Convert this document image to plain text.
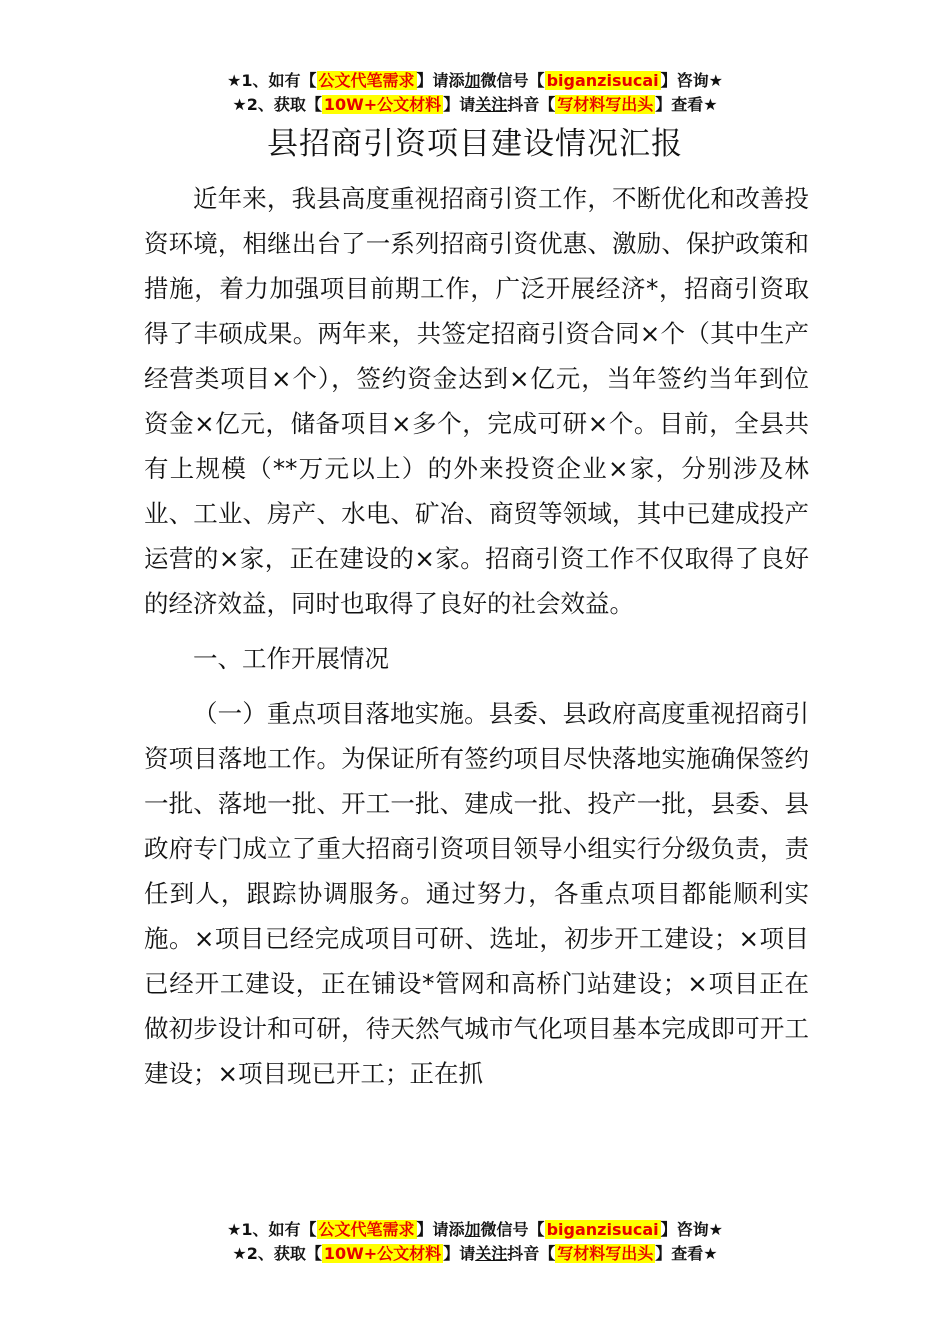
★1、如有【 公文代笔需求 】请添加微信号【 biganzisucai 】咨询★
★2、获取【 10W+公文材料 】请关注抖音【 写材料写出头 】查看★
县招商引资项目建设情况汇报

近年来，我县高度重视招商引资工作，不断优化和改善投资环境，相继出台了一系列招商引资优惠、激励、保护政策和措施，着力加强项目前期工作，广泛开展经济*，招商引资取得了丰硕成果。两年来，共签定招商引资合同×个（其中生产经营类项目×个），签约资金达到×亿元，当年签约当年到位资金×亿元，储备项目×多个，完成可研×个。目前，全县共有上规模（**万元以上）的外来投资企业×家，分别涉及林业、工业、房产、水电、矿冶、商贸等领域，其中已建成投产运营的×家，正在建设的×家。招商引资工作不仅取得了良好的经济效益，同时也取得了良好的社会效益。

一、工作开展情况

（一）重点项目落地实施。县委、县政府高度重视招商引资项目落地工作。为保证所有签约项目尽快落地实施确保签约一批、落地一批、开工一批、建成一批、投产一批，县委、县政府专门成立了重大招商引资项目领导小组实行分级负责，责任到人，跟踪协调服务。通过努力，各重点项目都能顺利实施。×项目已经完成项目可研、选址，初步开工建设；×项目已经开工建设，正在铺设*管网和高桥门站建设；×项目正在做初步设计和可研，待天然气城市气化项目基本完成即可开工建设；×项目现已开工；正在抓

★1、如有【 公文代笔需求 】请添加微信号【 biganzisucai 】咨询★
★2、获取【 10W+公文材料 】请关注抖音【 写材料写出头 】查看★
